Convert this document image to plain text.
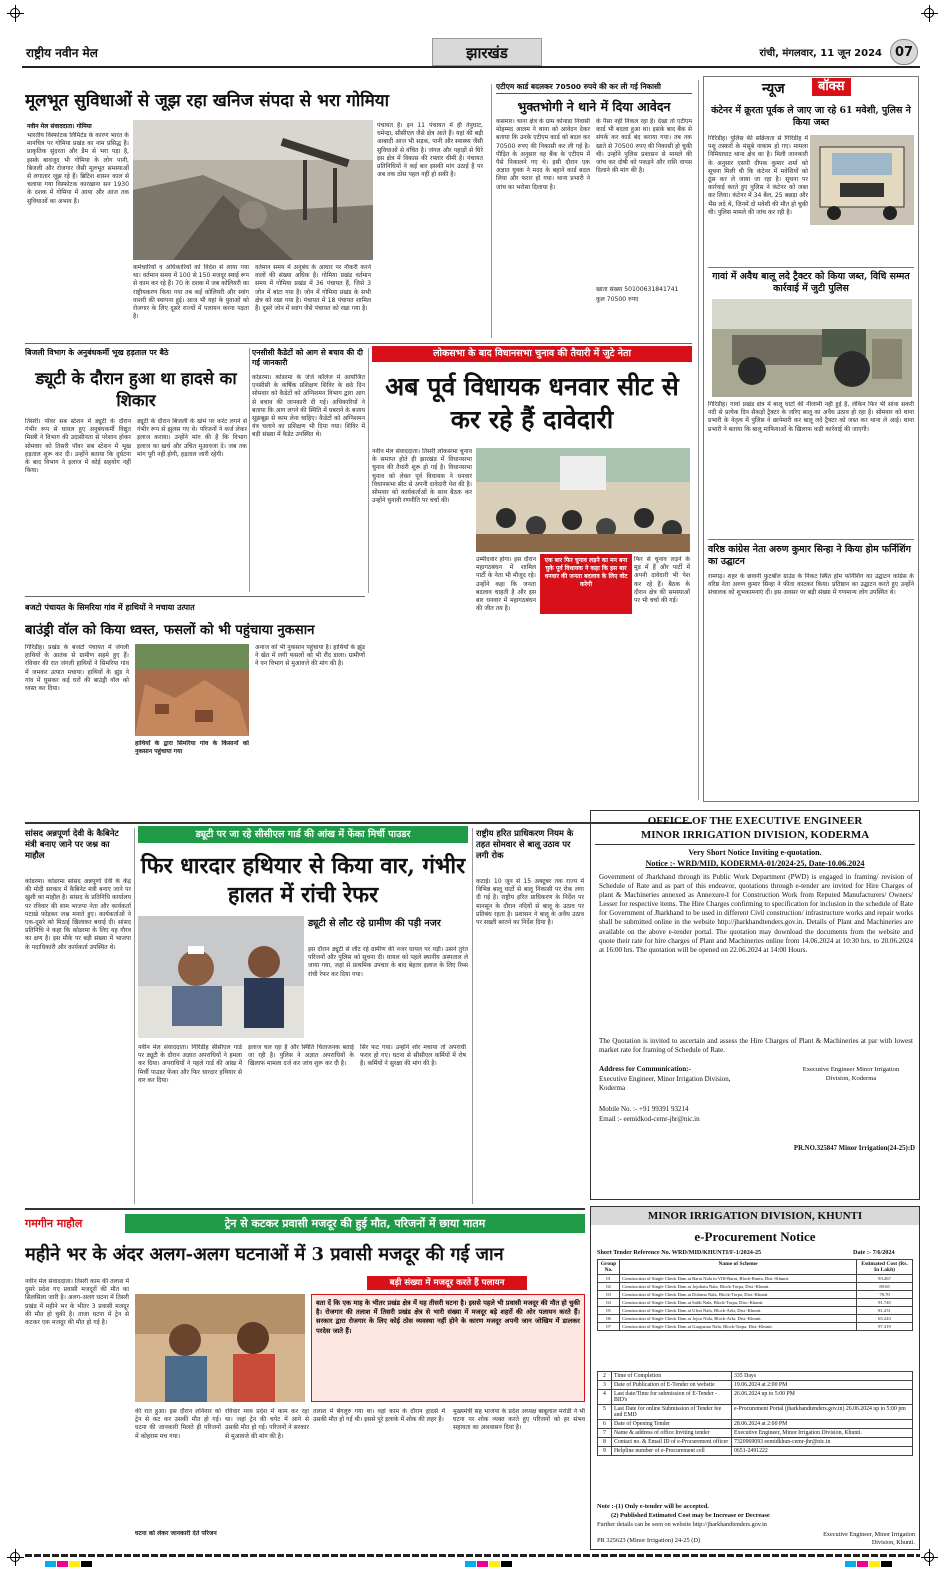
राष्ट्रीय नवीन मेल	झारखंड	रांची, मंगलवार, 11 जून 2024 07
मूलभूत सुविधाओं से जूझ रहा खनिज संपदा से भरा गोमिया
नवीन मेल संवाददाता। गोमिया
भारतीय विस्फोटक लिमिटेड के कारण भारत के मानचित्र पर गोमिया प्रखंड का नाम प्रसिद्ध है। प्राकृतिक सुंदरता और डैम से भरा पड़ा है, इसके बावजूद भी गोमिया के लोग पानी, बिजली और रोजगार जैसी मूलभूत समस्याओं से लगातार जूझ रहे हैं। ब्रिटिश शासन काल से चलाया गया विस्फोटक कारखाना सन 1930 के दशक में गोमिया में आया और आज तक सुविधाओं का अभाव है।
कर्मचारियों व अधिकारियों को विदेश से लाया गया था। वर्तमान समय में 100 से 150 मजदूर स्थाई रूप से काम कर रहे हैं। 70 के दशक में जब कोलियरी का राष्ट्रीयकरण किया गया तब कई कोलियरी और स्वांग वाशरी की स्थापना हुई। आज भी यहां के युवाओं को रोजगार के लिए दूसरे राज्यों में पलायन करना पड़ता है।
वर्तमान समय में अनुबंध के आधार पर नौकरी करने वालों की संख्या अधिक है। गोमिया प्रखंड वर्तमान समय में गोमिया प्रखंड में 36 पंचायत हैं, जिसे 3 जोन में बांटा गया है। जोन में गोमिया प्रखंड के सभी क्षेत्र को रखा गया है। पंचायत में 18 पंचायत शामिल हैं। दूसरे जोन में स्वांग जैसे पंचायत को रखा गया है।
पंचायत है। इन 11 पंचायत में ही तेनुघाट, धमेन्द्रा, सीसीएल जैसे क्षेत्र आते हैं। यहां की बड़ी आबादी आज भी सड़क, पानी और स्वास्थ्य जैसी सुविधाओं से वंचित है। जंगल और पहाड़ों से घिरे इस क्षेत्र में विकास की रफ्तार धीमी है। पंचायत प्रतिनिधियों ने कई बार इसकी मांग उठाई है पर अब तक ठोस पहल नहीं हो सकी है।
एटीएम कार्ड बदलकर 70500 रुपये की कर ली गई निकासी
भुक्तभोगी ने थाने में दिया आवेदन
कसमार। थाना क्षेत्र के ग्राम कोनाडा निवासी मोहम्मद आलम ने थाना को आवेदन देकर बताया कि उनके एटीएम कार्ड को बदल कर 70500 रुपए की निकासी कर ली गई है। पीड़ित के अनुसार वह बैंक के एटीएम में पैसे निकालने गए थे। इसी दौरान एक अज्ञात युवक ने मदद के बहाने कार्ड बदल लिया और फरार हो गया। थाना प्रभारी ने जांच का भरोसा दिलाया है।
के पैसा नहीं निकल रहा है। देखा तो एटीएम कार्ड भी बदला हुआ था। इसके बाद बैंक से संपर्क कर कार्ड बंद कराया गया। तब तक खाते से 70500 रुपए की निकासी हो चुकी थी। उन्होंने पुलिस प्रशासन से मामले की जांच कर दोषी को पकड़ने और राशि वापस दिलाने की मांग की है।
खाता संख्या 50100631841741
कुल 70500 रुपए
न्यूज	बॉक्स
कंटेनर में क्रूरता पूर्वक ले जाए जा रहे 61 मवेशी, पुलिस ने किया जब्त
गिरिडीह। पुलिस की सक्रियता से गिरिडीह में पशु तस्करों के मंसूबे नाकाम हो गए। मामला निमियाघाट थाना क्षेत्र का है। मिली जानकारी के अनुसार एसपी दीपक कुमार शर्मा को सूचना मिली थी कि कंटेनर में मवेशियों को ठूंस कर ले जाया जा रहा है। सूचना पर कार्रवाई करते हुए पुलिस ने कंटेनर को जब्त कर लिया। कंटेनर में 34 बैल, 25 बछड़ा और भैंस लदे थे, जिनमें दो मवेशी की मौत हो चुकी थी। पुलिस मामले की जांच कर रही है।
गावां में अवैध बालू लदे ट्रैक्टर को किया जब्त, विधि सम्मत कार्रवाई में जुटी पुलिस
गिरिडीह। गावां प्रखंड क्षेत्र में बालू घाटों की नीलामी नहीं हुई है, लेकिन फिर भी सांवा सकरी नदी से प्रत्येक दिन सैकड़ों ट्रैक्टर के जरिए बालू का अवैध उठाव हो रहा है। सोमवार को थाना प्रभारी के नेतृत्व में पुलिस ने छापेमारी कर बालू लदे ट्रैक्टर को जब्त कर थाना ले आई। थाना प्रभारी ने बताया कि बालू माफियाओं के खिलाफ कड़ी कार्रवाई की जाएगी।
वरिष्ठ कांग्रेस नेता अरुण कुमार सिन्हा ने किया होम फर्निशिंग का उद्घाटन
रामगढ़। शहर के छावनी फुटबॉल ग्राउंड के निकट स्थित होम फर्निशिंग का उद्घाटन कांग्रेस के वरिष्ठ नेता अरुण कुमार सिन्हा ने फीता काटकर किया। प्रतिष्ठान का उद्घाटन करते हुए उन्होंने संचालक को शुभकामनाएं दीं। इस अवसर पर बड़ी संख्या में गणमान्य लोग उपस्थित थे।
बिजली विभाग के अनुबंधकर्मी भूख हड़ताल पर बैठे
ड्यूटी के दौरान हुआ था हादसे का शिकार
तिसरी। पॉवर सब स्टेशन में ड्यूटी के दौरान गंभीर रूप से घायल हुए अनुबंधकर्मी विद्युत मिस्त्री ने विभाग की उदासीनता से परेशान होकर सोमवार को तिसरी पॉवर सब स्टेशन में भूख हड़ताल शुरू कर दी। उन्होंने बताया कि दुर्घटना के बाद विभाग ने इलाज में कोई सहयोग नहीं किया।
ड्यूटी के दौरान बिजली के खंभे पर करंट लगने से गंभीर रूप से झुलस गए थे। परिजनों ने कर्ज लेकर इलाज कराया। उन्होंने मांग की है कि विभाग इलाज का खर्च और उचित मुआवजा दे। जब तक मांग पूरी नहीं होगी, हड़ताल जारी रहेगी।
एनसीसी कैडेटों को आग से बचाव की दी गई जानकारी
कोडरमा। कोडरमा के जेजे कॉलेज में आयोजित एनसीसी के वार्षिक प्रशिक्षण शिविर के छठे दिन सोमवार को कैडेटों को अग्निशमन विभाग द्वारा आग से बचाव की जानकारी दी गई। अधिकारियों ने बताया कि आग लगने की स्थिति में घबराने के बजाय सूझबूझ से काम लेना चाहिए। कैडेटों को अग्निशमन यंत्र चलाने का प्रशिक्षण भी दिया गया। शिविर में बड़ी संख्या में कैडेट उपस्थित थे।
लोकसभा के बाद विधानसभा चुनाव की तैयारी में जुटे नेता
अब पूर्व विधायक धनवार सीट से कर रहे हैं दावेदारी
नवीन मेल संवाददाता। तिसरी लोकसभा चुनाव के समाप्त होते ही झारखंड में विधानसभा चुनाव की तैयारी शुरू हो गई है। विधानसभा चुनाव को लेकर पूर्व विधायक ने धनवार विधानसभा सीट से अपनी दावेदारी पेश की है। सोमवार को कार्यकर्ताओं के साथ बैठक कर उन्होंने चुनावी रणनीति पर चर्चा की।
उम्मीदवार होगा। इस दौरान महागठबंधन में शामिल पार्टी के नेता भी मौजूद रहे। उन्होंने कहा कि जनता बदलाव चाहती है और इस बार धनवार में महागठबंधन की जीत तय है।
एक बार फिर चुनाव लड़ने का मन बना चुके पूर्व विधायक ने कहा कि इस बार धनवार की जनता बदलाव के लिए वोट करेगी
फिर से चुनाव लड़ने के मूड में हैं और पार्टी में अपनी दावेदारी भी पेश कर रहे हैं। बैठक के दौरान क्षेत्र की समस्याओं पर भी चर्चा की गई।
बजटो पंचायत के सिमरिया गांव में हाथियों ने मचाया उत्पात
बाउंड्री वॉल को किया ध्वस्त, फसलों को भी पहुंचाया नुकसान
गिरिडीह। प्रखंड के बजटो पंचायत में जंगली हाथियों के आतंक से ग्रामीण सहमे हुए हैं। रविवार की रात जंगली हाथियों ने सिमरिया गांव में जमकर उत्पात मचाया। हाथियों के झुंड ने गांव में घुसकर कई घरों की बाउंड्री वॉल को ध्वस्त कर दिया।
हाथियों के द्वारा सिमरिया गांव के किसानों को नुकसान पहुंचाया गया
अनाज को भी नुकसान पहुंचाया है। हाथियों के झुंड ने खेत में लगी फसलों को भी रौंद डाला। ग्रामीणों ने वन विभाग से मुआवजे की मांग की है।
सांसद अन्नपूर्णा देवी के कैबिनेट मंत्री बनाए जाने पर जश्न का माहौल
कोडरमा। कोडरमा सांसद अन्नपूर्णा देवी के केंद्र की मोदी सरकार में कैबिनेट मंत्री बनाए जाने पर खुशी का माहौल है। सांसद के प्रतिनिधि कार्यालय पर रविवार की शाम भाजपा नेता और कार्यकर्ता पटाखे फोड़कर जश्न मनाते हुए। कार्यकर्ताओं ने एक-दूसरे को मिठाई खिलाकर बधाई दी। सांसद प्रतिनिधि ने कहा कि कोडरमा के लिए यह गौरव का क्षण है। इस मौके पर बड़ी संख्या में भाजपा के पदाधिकारी और कार्यकर्ता उपस्थित थे।
ड्यूटी पर जा रहे सीसीएल गार्ड की आंख में फेंका मिर्ची पाउडर
फिर धारदार हथियार से किया वार, गंभीर हालत में रांची रेफर
ड्यूटी से लौट रहे ग्रामीण की पड़ी नजर
इस दौरान ड्यूटी से लौट रहे ग्रामीण की नजर घायल पर पड़ी। उसने तुरंत परिजनों और पुलिस को सूचना दी। घायल को पहले स्थानीय अस्पताल ले जाया गया, जहां से प्राथमिक उपचार के बाद बेहतर इलाज के लिए रिम्स रांची रेफर कर दिया गया।
नवीन मेल संवाददाता। गिरिडीह सीसीएल गार्ड पर ड्यूटी के दौरान अज्ञात अपराधियों ने हमला कर दिया। अपराधियों ने पहले गार्ड की आंख में मिर्ची पाउडर फेंका और फिर धारदार हथियार से वार कर दिया।
इलाज चल रहा है और स्थिति चिंताजनक बताई जा रही है। पुलिस ने अज्ञात अपराधियों के खिलाफ मामला दर्ज कर जांच शुरू कर दी है।
सिर फट गया। उन्होंने शोर मचाया तो अपराधी फरार हो गए। घटना से सीसीएल कर्मियों में रोष है। कर्मियों ने सुरक्षा की मांग की है।
राष्ट्रीय हरित प्राधिकरण नियम के तहत सोमवार से बालू उठाव पर लगी रोक
कटाई। 10 जून से 15 अक्टूबर तक राज्य में विभिन्न बालू घाटों से बालू निकासी पर रोक लगा दी गई है। राष्ट्रीय हरित प्राधिकरण के निर्देश पर मानसून के दौरान नदियों से बालू के उठाव पर प्रतिबंध रहता है। प्रशासन ने बालू के अवैध उठाव पर सख्ती बरतने का निर्देश दिया है।
OFFICE OF THE EXECUTIVE ENGINEER
MINOR IRRIGATION DIVISION, KODERMA
Very Short Notice Inviting e-quotation.
Notice :- WRD/MID, KODERMA-01/2024-25, Date-10.06.2024
Government of Jharkhand through its Public Work Department (PWD) is engaged in framing/ revision of Schedule of Rate and as part of this endeavor, quotations through e-tender are invited for Hire Charges of plant & Machineries annexed as Annexure-I for Construction Work from Reputed Manufacturers/ Owners/ Lesser for respective items. The Hire Charges confirming to specification for inclusion in the schedule of Rate for Government of Jharkhand to be used in different Civil construction/ infrastructure works and repair works shall be submitted online in the website http://jharkhandtenders.gov.in. Details of Plant and Machineries are available on the above e-tender portal. The quotation may download the documents from the website and quote their rate for hire charges of Plant and Machineries online from 14.06.2024 at 10:30 hrs. to 20.06.2024 at 16:00 hrs. The quotation will be opened on 22.06.2024 at 14:00 Hours.
The Quotation is invited to ascertain and assess the Hire Charges of Plant & Machineries at par with lowest market rate for framing of Schedule of Rate.
Address for Communication:-
Executive Engineer, Minor Irrigation Division, Koderma
Mobile No. :- +91 99391 93214
Email :- eemidkod-cemr-jhr@nic.in
Executive Engineer Minor Irrigation Division, Koderma
PR.NO.325847 Minor Irrigation(24-25):D
MINOR IRRIGATION DIVISION, KHUNTI
e-Procurement Notice
Short Tender Reference No. WRD/MID/KHUNTI/F-1/2024-25	Date :- 7/6/2024
Group No.	Name of Scheme	Estimated Cost (Rs. In Lakh)
01	Construction of Single Check Dam at Barai Nala in VIII-Barai, Block-Rania, Dist.-Khunti.	93.267
02	Construction of Single Check Dam at Jojohatu Nala, Block-Torpa, Dist.-Khunti.	89.65
03	Construction of Single Check Dam at Dolama Nala, Block-Torpa, Dist.-Khunti.	78.70
04	Construction of Single Check Dam at Saldi Nala, Block-Torpa, Dist.-Khunti.	91.745
05	Construction of Single Check Dam at Ufrai Nala, Block-Arki, Dist.-Khunti.	81.251
06	Construction of Single Check Dam at Jojoo Nala, Block-Arki, Dist.-Khunti.	65.243
07	Construction of Single Check Dam at Gurguruta Nala, Block-Torpa, Dist.-Khunti.	97.319
2	Time of Completion	335 Days
3	Date of Publication of E-Tender on website	19.06.2024 at 2:00 PM
4	Last date/Time for submission of E-Tender - BID's	26.06.2024 up to 5:00 PM
5	Last Date for online Submission of Tender fee and EMD	e-Procurement Portal (jharkhandtenders.gov.in) 26.06.2024 up to 5:00 pm
6	Date of Opening Tender	28.06.2024 at 2:00 PM
7	Name & address of office Inviting tender	Executive Engineer, Minor Irrigation Division, Khunti.
8	Contact no. & Email ID of e-Procurement officer	7320969093 eemidkhun-cemr-jhr@nic.in
9	Helpline number of e-Procurement cell	0651-2491222
Note :-(1) Only e-tender will be accepted.
(2) Published Estimated Cost may be Increase or Decrease
Further details can be seen on website http://jharkhandtenders.gov.in
Executive Engineer, Minor Irrigation Division, Khunti.
PR 325623 (Minor Irrigation) 24-25 (D)
गमगीन माहौल	ट्रेन से कटकर प्रवासी मजदूर की हुई मौत, परिजनों में छाया मातम
महीने भर के अंदर अलग-अलग घटनाओं में 3 प्रवासी मजदूर की गई जान
नवीन मेल संवाददाता। तिसरी काम की तलाश में दूसरे प्रदेश गए प्रवासी मजदूरों की मौत का सिलसिला जारी है। अलग-अलग घटना में तिसरी प्रखंड में महीने भर के भीतर 3 प्रवासी मजदूर की मौत हो चुकी है। ताजा घटना में ट्रेन से कटकर एक मजदूर की मौत हो गई है।
बड़ी संख्या में मजदूर करते हैं पलायन
बता दें कि एक माह के भीतर प्रखंड क्षेत्र में यह तीसरी घटना है। इससे पहले भी प्रवासी मजदूर की मौत हो चुकी है। रोजगार की तलाश में तिसरी प्रखंड क्षेत्र से भारी संख्या में मजदूर बड़े शहरों की ओर पलायन करते हैं। सरकार द्वारा रोजगार के लिए कोई ठोस व्यवस्था नहीं होने के कारण मजदूर अपनी जान जोखिम में डालकर परदेस जाते हैं।
की रात हुआ। इस दौरान शनिवार को ट्रेन से कट कर उसकी मौत हो गई। घटना की जानकारी मिलते ही परिजनों में कोहराम मच गया।
घटना को लेकर जानकारी देते परिजन
रविवार मध्य प्रदेश में काम कर रहा था। जहां ट्रेन की चपेट में आने से उसकी मौत हो गई। परिजनों ने सरकार से मुआवजे की मांग की है।
तलाश में बेंगलुरु गया था। वहां काम के दौरान हादसे में उसकी मौत हो गई थी। इससे पूरे इलाके में शोक की लहर है।
मुख्यमंत्री सह भाजपा के प्रदेश अध्यक्ष बाबूलाल मरांडी ने भी घटना पर शोक व्यक्त करते हुए परिजनों को हर संभव सहायता का आश्वासन दिया है।
